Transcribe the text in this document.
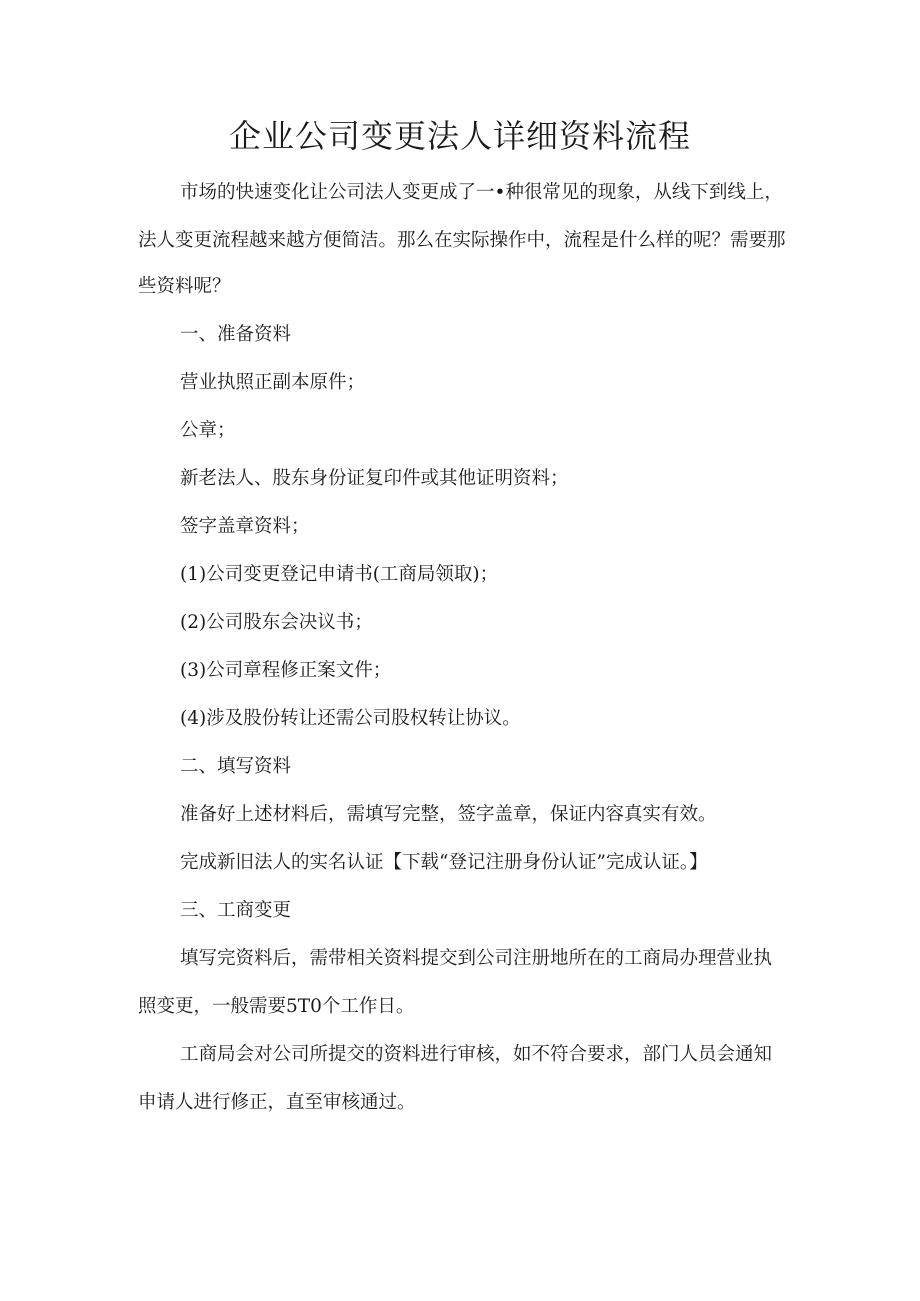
企业公司变更法人详细资料流程
市场的快速变化让公司法人变更成了一•种很常见的现象，从线下到线上，
法人变更流程越来越方便简洁。那么在实际操作中，流程是什么样的呢？需要那
些资料呢？
一、准备资料
营业执照正副本原件；
公章；
新老法人、股东身份证复印件或其他证明资料；
签字盖章资料；
(1)公司变更登记申请书(工商局领取)；
(2)公司股东会决议书；
(3)公司章程修正案文件；
(4)涉及股份转让还需公司股权转让协议。
二、填写资料
准备好上述材料后，需填写完整，签字盖章，保证内容真实有效。
完成新旧法人的实名认证【下载“登记注册身份认证”完成认证。】
三、工商变更
填写完资料后，需带相关资料提交到公司注册地所在的工商局办理营业执
照变更，一般需要5T0个工作日。
工商局会对公司所提交的资料进行审核，如不符合要求，部门人员会通知
申请人进行修正，直至审核通过。
